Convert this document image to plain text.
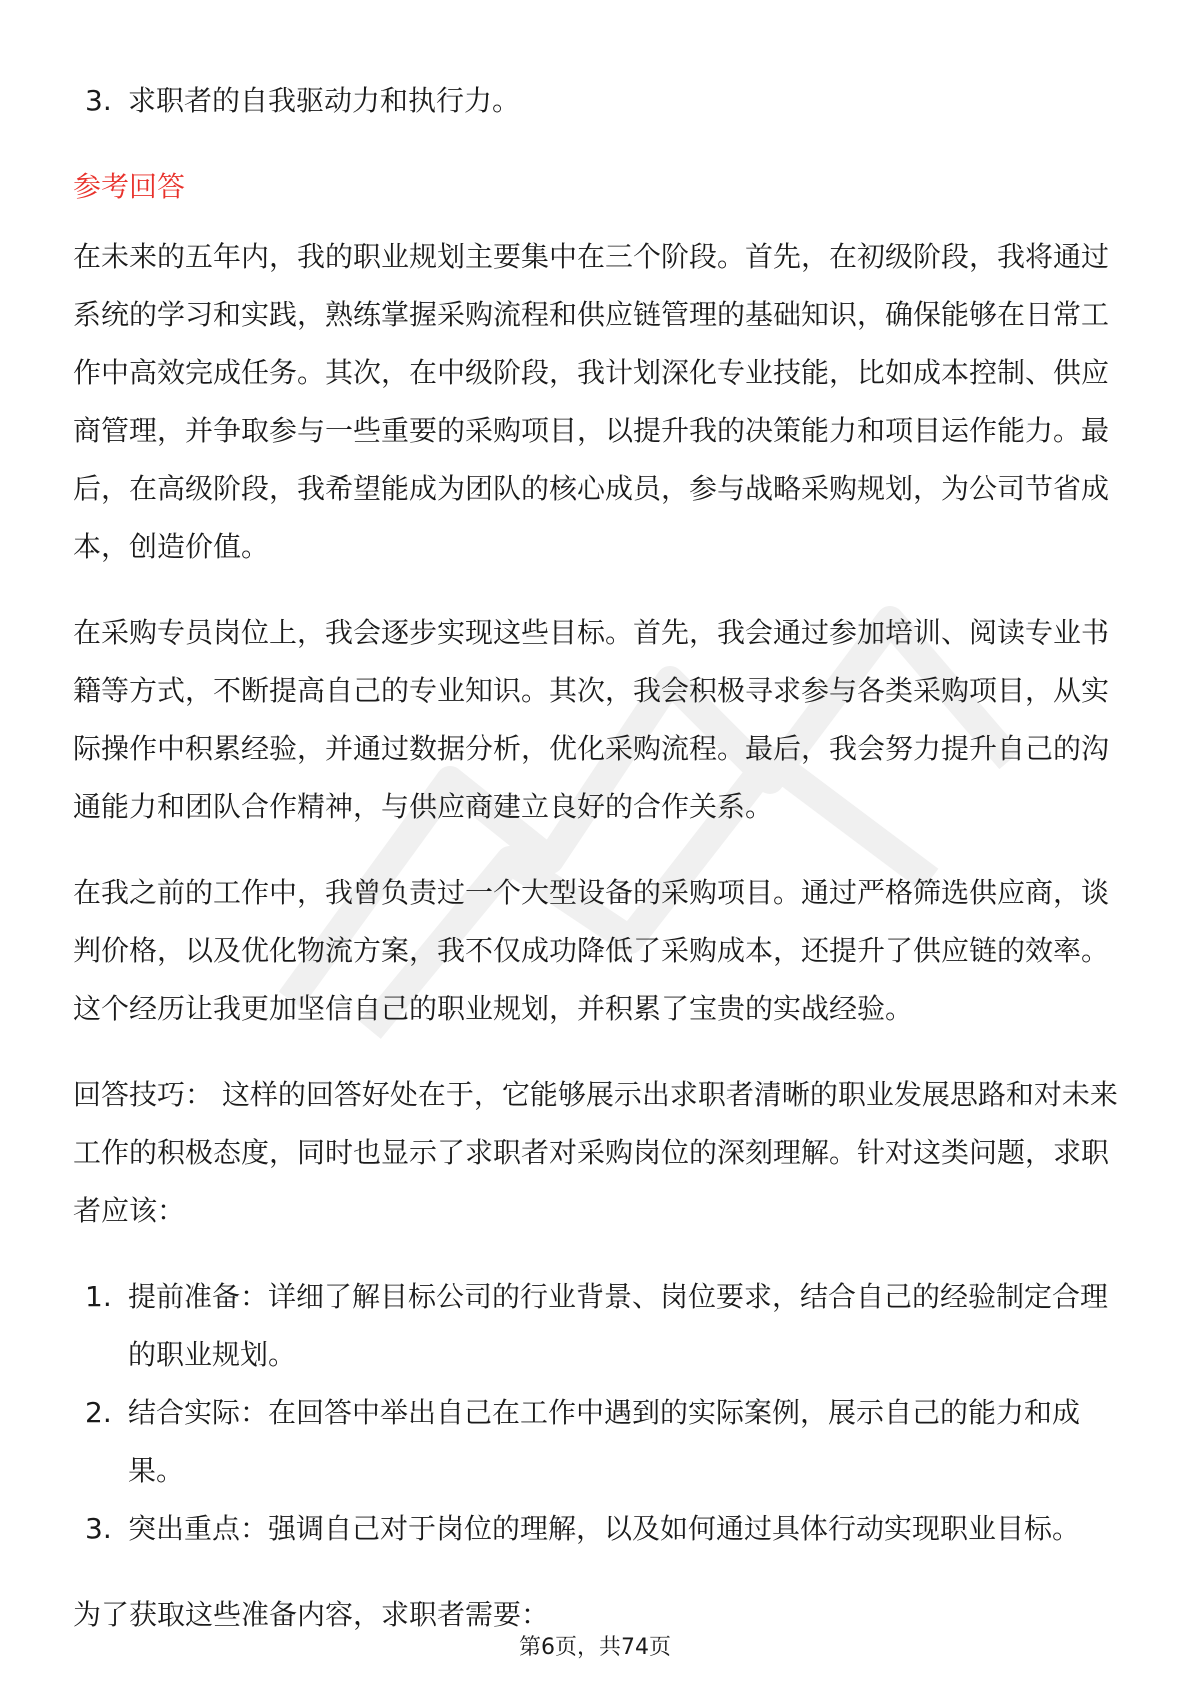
3. 求职者的自我驱动力和执行力。
参考回答

在未来的五年内，我的职业规划主要集中在三个阶段。首先，在初级阶段，我将通过系统的学习和实践，熟练掌握采购流程和供应链管理的基础知识，确保能够在日常工作中高效完成任务。其次，在中级阶段，我计划深化专业技能，比如成本控制、供应商管理，并争取参与一些重要的采购项目，以提升我的决策能力和项目运作能力。最后，在高级阶段，我希望能成为团队的核心成员，参与战略采购规划，为公司节省成本，创造价值。

在采购专员岗位上，我会逐步实现这些目标。首先，我会通过参加培训、阅读专业书籍等方式，不断提高自己的专业知识。其次，我会积极寻求参与各类采购项目，从实际操作中积累经验，并通过数据分析，优化采购流程。最后，我会努力提升自己的沟通能力和团队合作精神，与供应商建立良好的合作关系。

在我之前的工作中，我曾负责过一个大型设备的采购项目。通过严格筛选供应商，谈判价格，以及优化物流方案，我不仅成功降低了采购成本，还提升了供应链的效率。这个经历让我更加坚信自己的职业规划，并积累了宝贵的实战经验。

回答技巧： 这样的回答好处在于，它能够展示出求职者清晰的职业发展思路和对未来工作的积极态度，同时也显示了求职者对采购岗位的深刻理解。针对这类问题，求职者应该：

1. 提前准备：详细了解目标公司的行业背景、岗位要求，结合自己的经验制定合理的职业规划。
2. 结合实际：在回答中举出自己在工作中遇到的实际案例，展示自己的能力和成果。
3. 突出重点：强调自己对于岗位的理解，以及如何通过具体行动实现职业目标。

为了获取这些准备内容，求职者需要：

第6页，共74页
